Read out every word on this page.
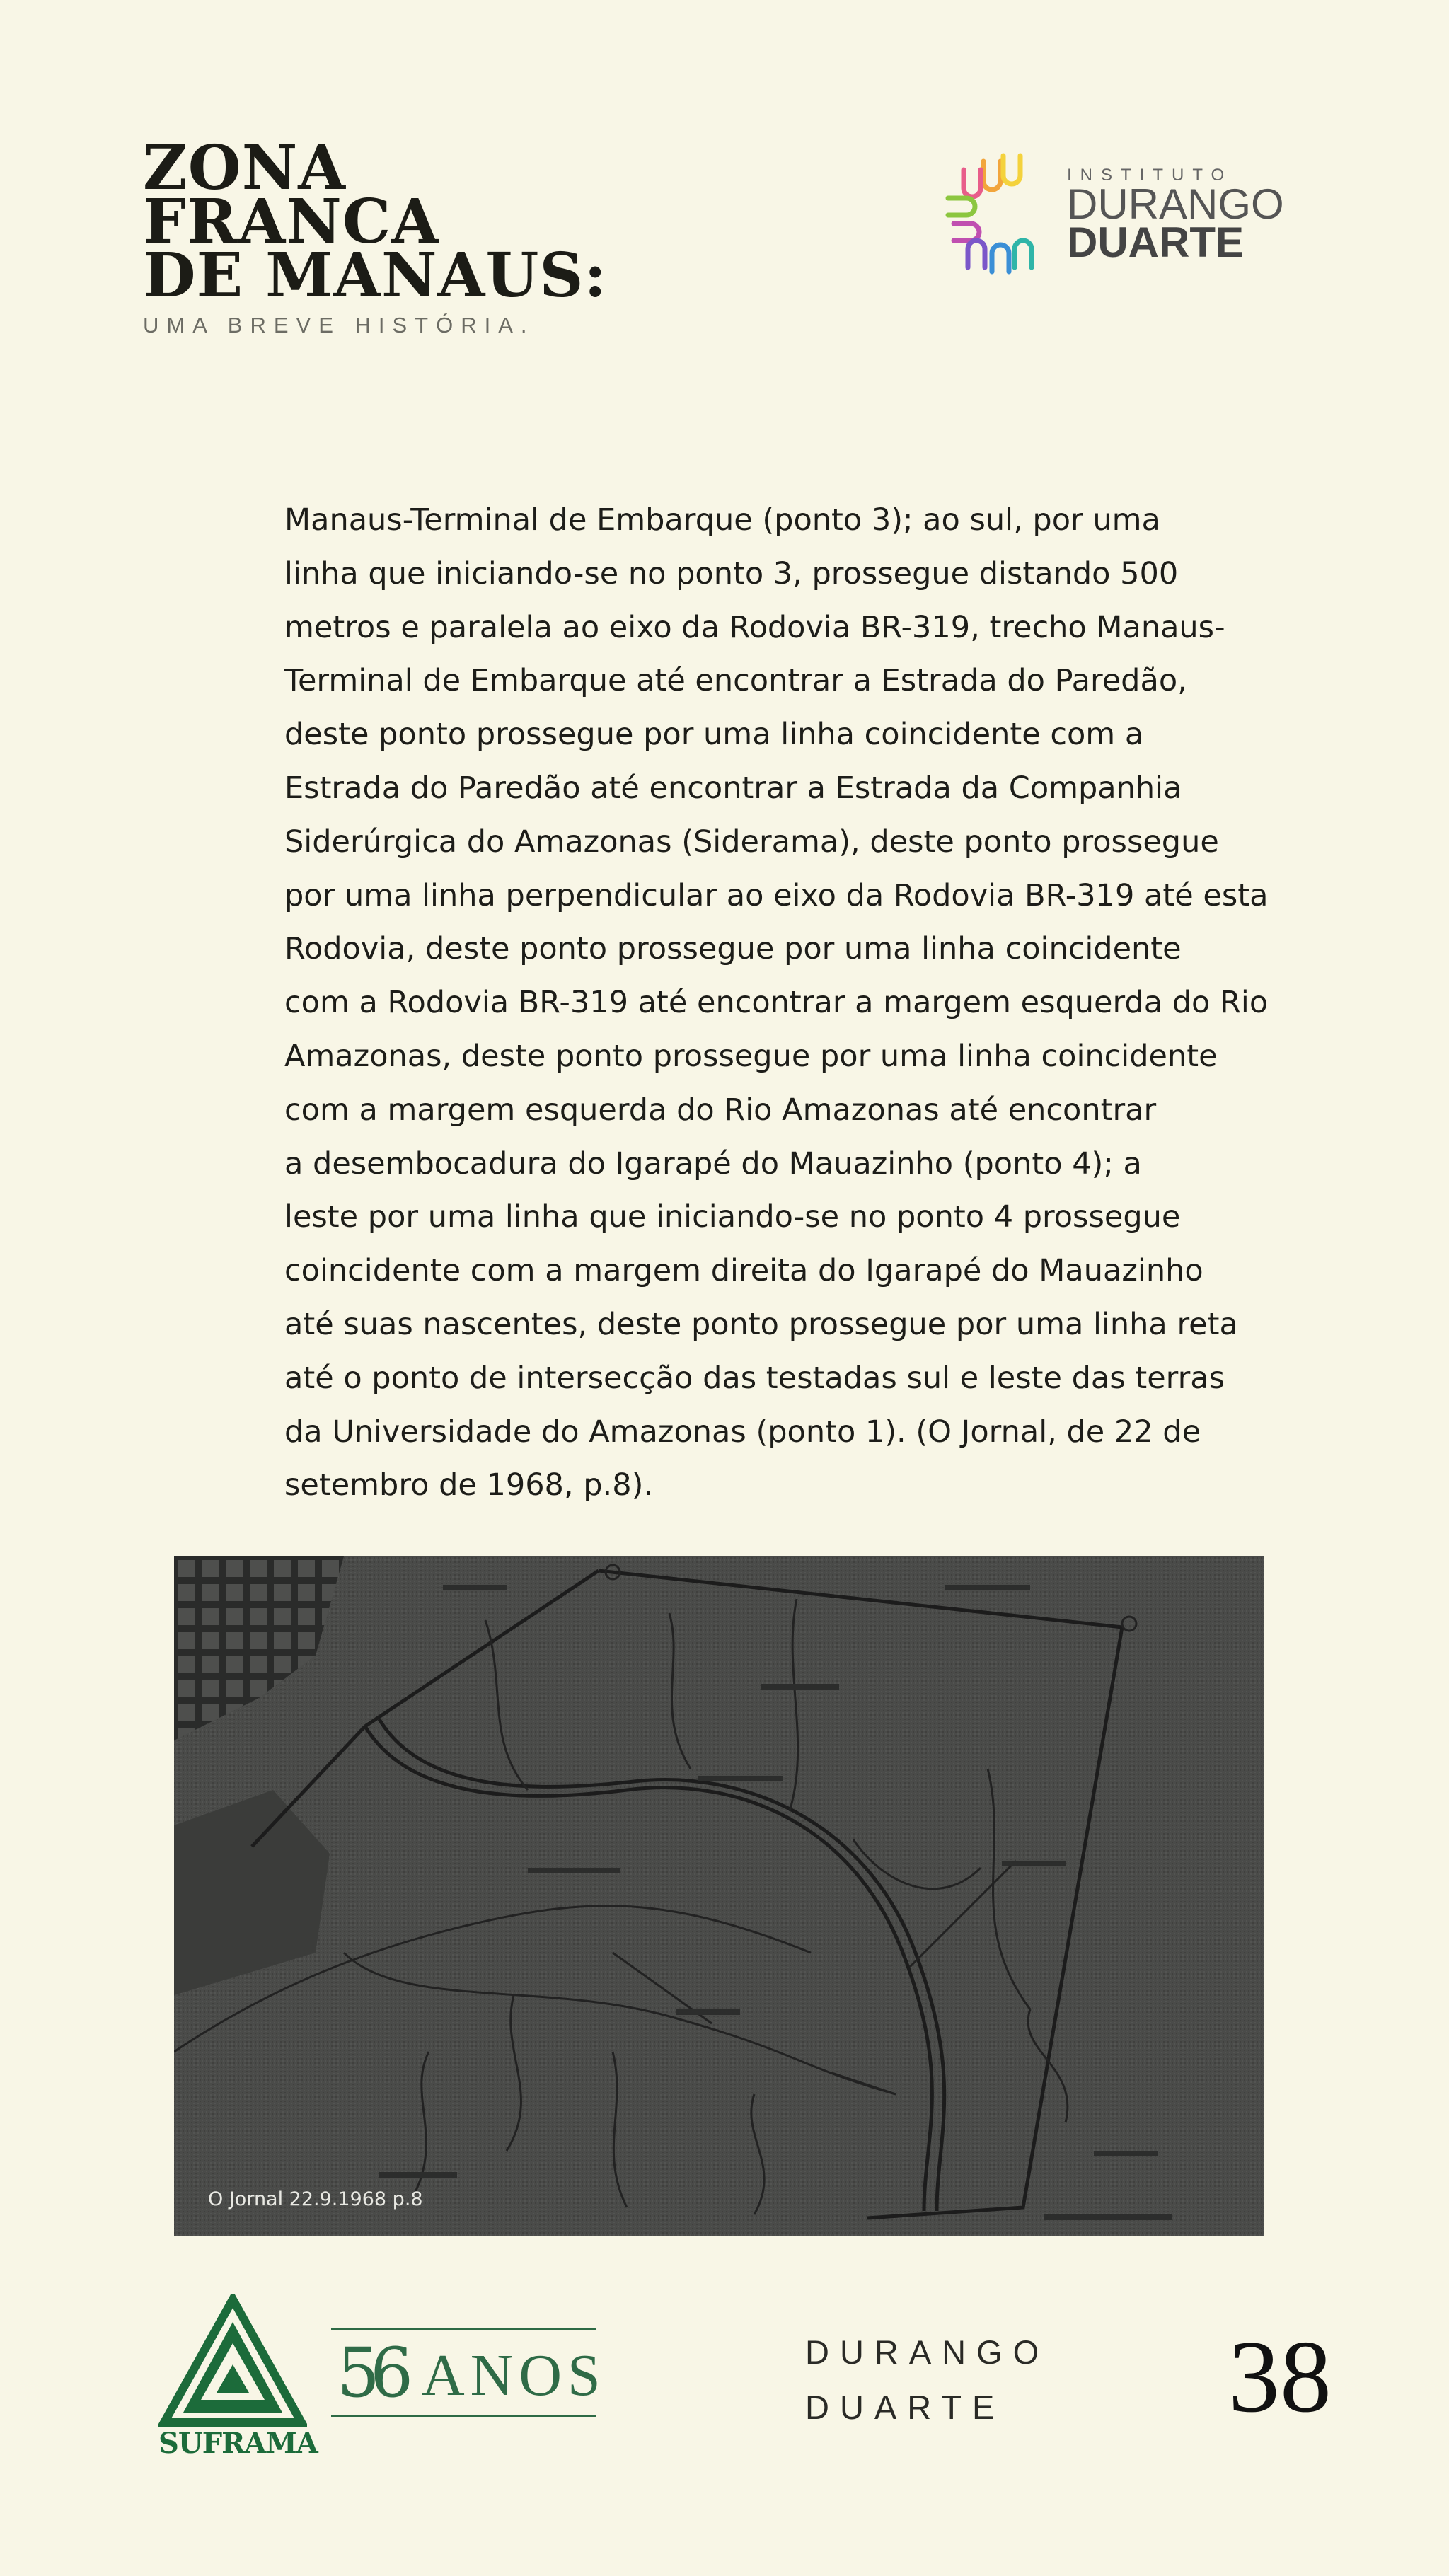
ZONA
FRANCA
DE MANAUS:
UMA BREVE HISTÓRIA.
INSTITUTO
DURANGO
DUARTE
Manaus-Terminal de Embarque (ponto 3); ao sul, por uma
linha que iniciando-se no ponto 3, prossegue distando 500
metros e paralela ao eixo da Rodovia BR-319, trecho Manaus-
Terminal de Embarque até encontrar a Estrada do Paredão,
deste ponto prossegue por uma linha coincidente com a
Estrada do Paredão até encontrar a Estrada da Companhia
Siderúrgica do Amazonas (Siderama), deste ponto prossegue
por uma linha perpendicular ao eixo da Rodovia BR-319 até esta
Rodovia, deste ponto prossegue por uma linha coincidente
com a Rodovia BR-319 até encontrar a margem esquerda do Rio
Amazonas, deste ponto prossegue por uma linha coincidente
com a margem esquerda do Rio Amazonas até encontrar
a desembocadura do Igarapé do Mauazinho (ponto 4); a
leste por uma linha que iniciando-se no ponto 4 prossegue
coincidente com a margem direita do Igarapé do Mauazinho
até suas nascentes, deste ponto prossegue por uma linha reta
até o ponto de intersecção das testadas sul e leste das terras
da Universidade do Amazonas (ponto 1). (O Jornal, de 22 de
setembro de 1968, p.8).
O Jornal 22.9.1968 p.8
SUFRAMA
56 ANOS	DURANGO
DUARTE	38
